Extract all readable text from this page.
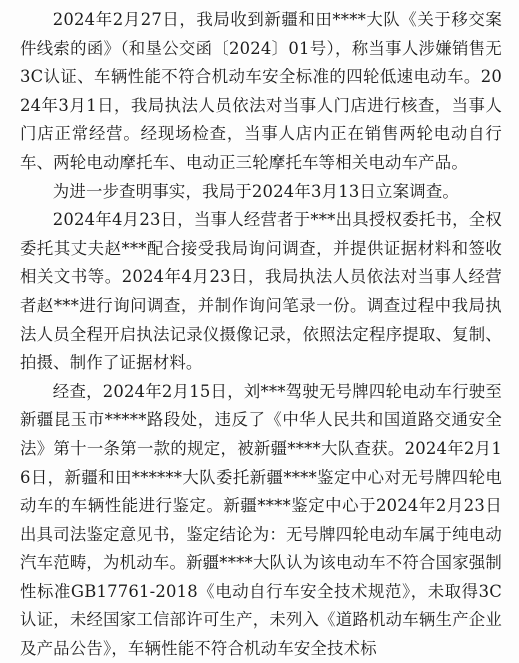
2024年2月27日，我局收到新疆和田****大队《关于移交案件线索的函》（和垦公交函〔2024〕01号），称当事人涉嫌销售无3C认证、车辆性能不符合机动车安全标准的四轮低速电动车。2024年3月1日，我局执法人员依法对当事人门店进行核查，当事人门店正常经营。经现场检查，当事人店内正在销售两轮电动自行车、两轮电动摩托车、电动正三轮摩托车等相关电动车产品。

为进一步查明事实，我局于2024年3月13日立案调查。

2024年4月23日，当事人经营者于***出具授权委托书，全权委托其丈夫赵***配合接受我局询问调查，并提供证据材料和签收相关文书等。2024年4月23日，我局执法人员依法对当事人经营者赵***进行询问调查，并制作询问笔录一份。调查过程中我局执法人员全程开启执法记录仪摄像记录，依照法定程序提取、复制、拍摄、制作了证据材料。

经查，2024年2月15日，刘***驾驶无号牌四轮电动车行驶至新疆昆玉市*****路段处，违反了《中华人民共和国道路交通安全法》第十一条第一款的规定，被新疆****大队查获。2024年2月16日，新疆和田******大队委托新疆****鉴定中心对无号牌四轮电动车的车辆性能进行鉴定。新疆****鉴定中心于2024年2月23日出具司法鉴定意见书，鉴定结论为：无号牌四轮电动车属于纯电动汽车范畴，为机动车。新疆****大队认为该电动车不符合国家强制性标准GB17761-2018《电动自行车安全技术规范》，未取得3C认证，未经国家工信部许可生产，未列入《道路机动车辆生产企业及产品公告》，车辆性能不符合机动车安全技术标
